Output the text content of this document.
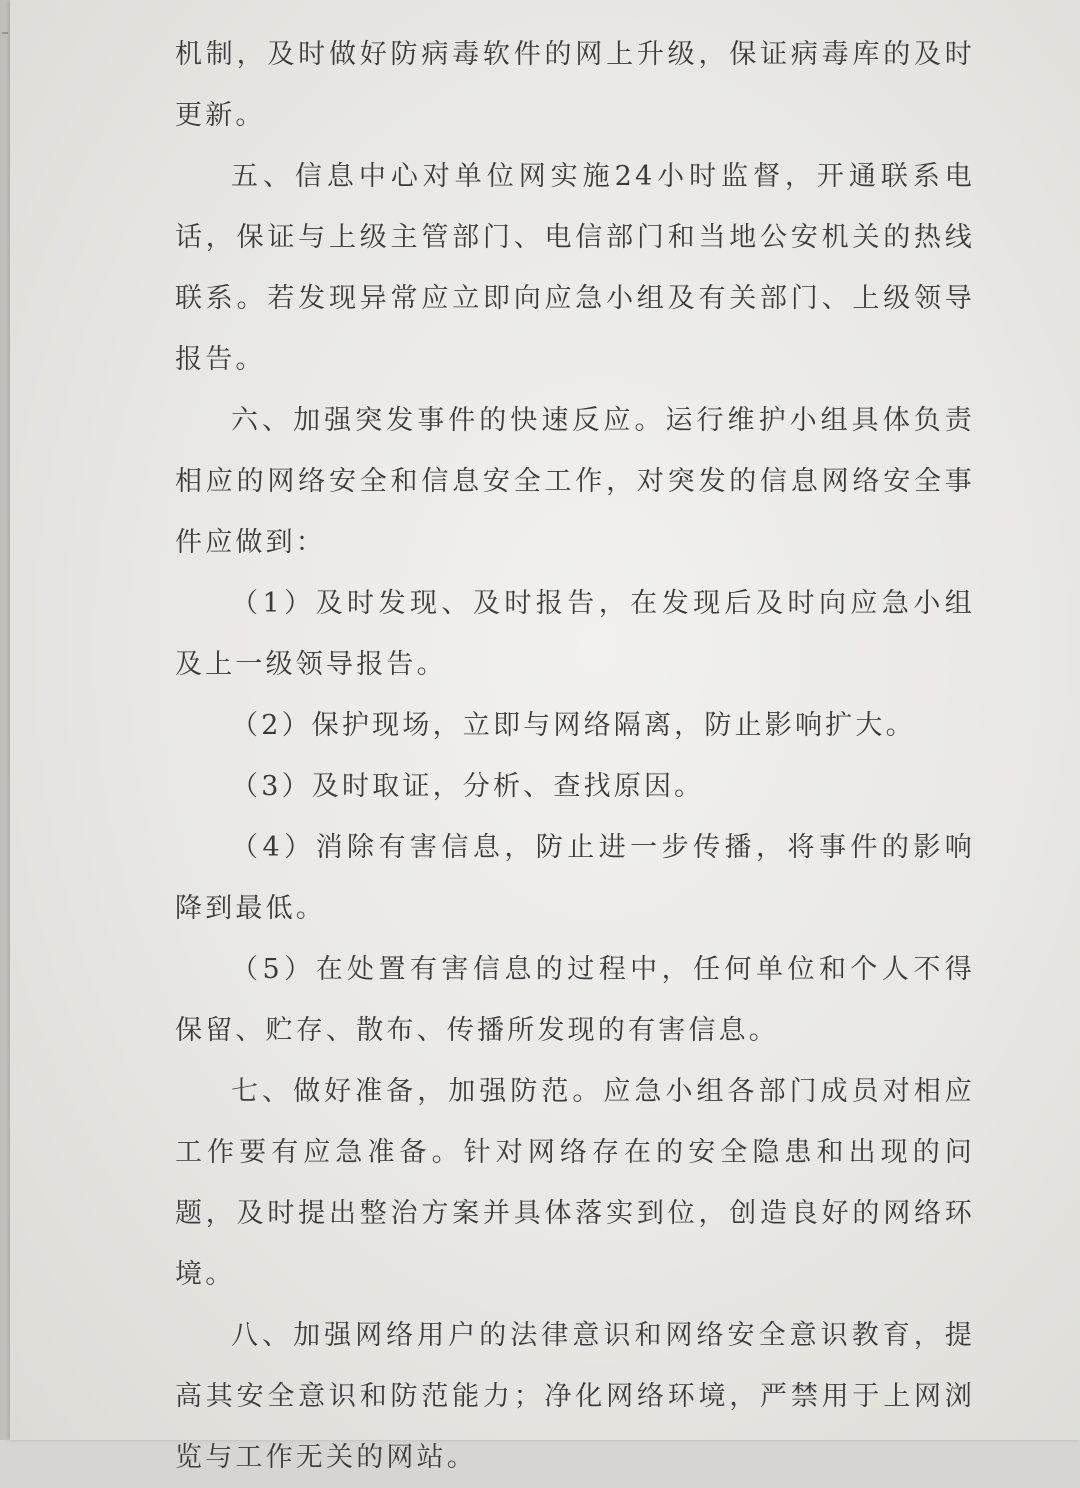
机制，及时做好防病毒软件的网上升级，保证病毒库的及时更新。

五、信息中心对单位网实施24小时监督，开通联系电话，保证与上级主管部门、电信部门和当地公安机关的热线联系。若发现异常应立即向应急小组及有关部门、上级领导报告。

六、加强突发事件的快速反应。运行维护小组具体负责相应的网络安全和信息安全工作，对突发的信息网络安全事件应做到：

（1）及时发现、及时报告，在发现后及时向应急小组及上一级领导报告。

（2）保护现场，立即与网络隔离，防止影响扩大。

（3）及时取证，分析、查找原因。

（4）消除有害信息，防止进一步传播，将事件的影响降到最低。

（5）在处置有害信息的过程中，任何单位和个人不得保留、贮存、散布、传播所发现的有害信息。

七、做好准备，加强防范。应急小组各部门成员对相应工作要有应急准备。针对网络存在的安全隐患和出现的问题，及时提出整治方案并具体落实到位，创造良好的网络环境。

八、加强网络用户的法律意识和网络安全意识教育，提高其安全意识和防范能力；净化网络环境，严禁用于上网浏览与工作无关的网站。
